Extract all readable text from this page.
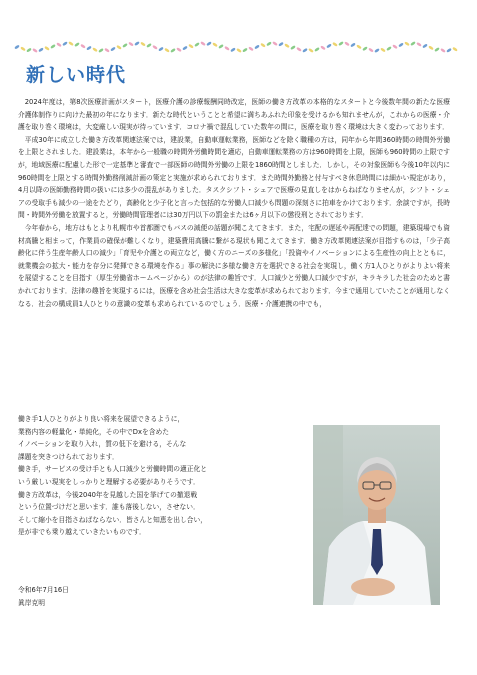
新しい時代

2024年度は，第8次医療計画がスタート，医療介護の診療報酬同時改定，医師の働き方改革の本格的なスタートと今後数年間の新たな医療介護体制作りに向けた最初の年になります．新たな時代ということと希望に満ちあふれた印象を受けるかも知れませんが，これからの医療・介護を取り巻く環境は，大変厳しい現実が待っています．コロナ禍で混乱していた数年の間に，医療を取り巻く環境は大きく変わっております．

平成30年に成立した働き方改革関連法案では，建設業，自動車運転業務，医師などを除く職種の方は，同年から年間360時間の時間外労働を上限とされました．建設業は，本年から一般職の時間外労働時間を適応，自動車運転業務の方は960時間を上限，医師も960時間の上限ですが，地域医療に配慮した形で一定基準と審査で一部医師の時間外労働の上限を1860時間としました．しかし，その対象医師も今後10年以内に960時間を上限とする時間外勤務削減計画の策定と実施が求められております．また時間外勤務と付与すべき休息時間には細かい規定があり，4月以降の医師勤務時間の扱いには多少の混乱がありました．タスクシフト・シェアで医療の見直しをはからねばなりませんが，シフト・シェアの受取手も減少の一途をたどり，高齢化と少子化と言った包括的な労働人口減少も問題の深刻さに拍車をかけております．余談ですが，長時間・時間外労働を放置すると，労働時間管理者には30万円以下の罰金または6ヶ月以下の懲役刑とされております．

今年春から，地方はもとより札幌市や首都圏でもバスの減便の話題が聞こえてきます．また，宅配の遅延や再配達での問題，建築現場でも資材高騰と相まって，作業員の確保が難しくなり，建築費用高騰に繋がる現状も聞こえてきます．働き方改革関連法案が目指すものは，「少子高齢化に伴う生産年齢人口の減少」「育児や介護との両立など，働く方のニーズの多様化」「投資やイノベーションによる生産性の向上とともに，就業機会の拡大・能力を存分に発揮できる環境を作る」事の解決に多様な働き方を選択できる社会を実現し，働く方1人ひとりがよりよい将来を展望することを目指す（厚生労働省ホームページから）のが法律の趣旨です．人口減少と労働人口減少ですが，キラキラした社会のためと書かれております．法律の趣旨を実現するには，医療を含め社会生活は大きな変革が求められております．今まで通用していたことが通用しなくなる．社会の構成員1人ひとりの意識の変革も求められているのでしょう．医療・介護連携の中でも，

働き手1人ひとりがより良い将来を展望できるように，
業務内容の軽量化・単純化，その中でDxを含めた
イノベーションを取り入れ，質の低下を避ける，そんな
課題を突きつけられております．
働き手，サービスの受け手とも人口減少と労働時間の適正化と
いう厳しい現実をしっかりと理解する必要がありそうです．
働き方改革は，今後2040年を見越した国を挙げての撤退戦
という位置づけだと思います．誰も落後しない，させない．
そして縮小を目指さねばならない．皆さんと知恵を出し合い，
是が非でも乗り越えていきたいものです．
令和6年7月16日
眞岸克明
